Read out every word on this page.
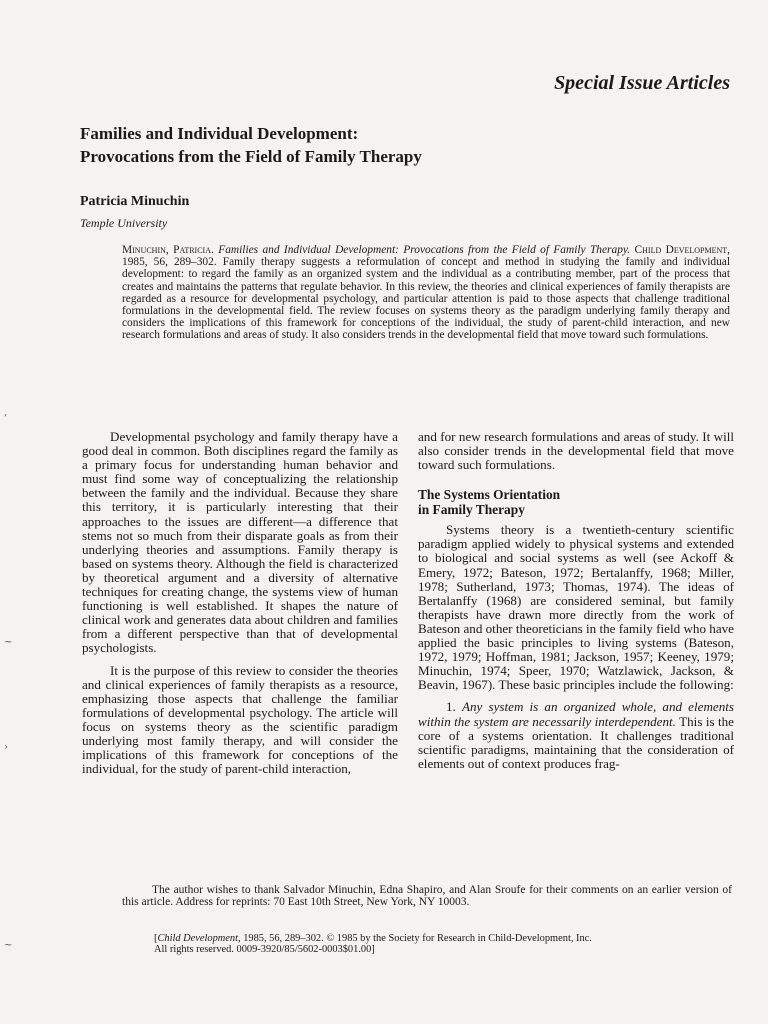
Special Issue Articles
Families and Individual Development:
Provocations from the Field of Family Therapy
Patricia Minuchin
Temple University
Minuchin, Patricia. Families and Individual Development: Provocations from the Field of Family Therapy. Child Development, 1985, 56, 289–302. Family therapy suggests a reformulation of concept and method in studying the family and individual development: to regard the family as an organized system and the individual as a contributing member, part of the process that creates and maintains the patterns that regulate behavior. In this review, the theories and clinical experiences of family therapists are regarded as a resource for developmental psychology, and particular attention is paid to those aspects that challenge traditional formulations in the developmental field. The review focuses on systems theory as the paradigm underlying family therapy and considers the implications of this framework for conceptions of the individual, the study of parent-child interaction, and new research formulations and areas of study. It also considers trends in the developmental field that move toward such formulations.

Developmental psychology and family therapy have a good deal in common. Both disciplines regard the family as a primary focus for understanding human behavior and must find some way of conceptualizing the relationship between the family and the individual. Because they share this territory, it is particularly interesting that their approaches to the issues are different—a difference that stems not so much from their disparate goals as from their underlying theories and assumptions. Family therapy is based on systems theory. Although the field is characterized by theoretical argument and a diversity of alternative techniques for creating change, the systems view of human functioning is well established. It shapes the nature of clinical work and generates data about children and families from a different perspective than that of developmental psychologists.

It is the purpose of this review to consider the theories and clinical experiences of family therapists as a resource, emphasizing those aspects that challenge the familiar formulations of developmental psychology. The article will focus on systems theory as the scientific paradigm underlying most family therapy, and will consider the implications of this framework for conceptions of the individual, for the study of parent-child interaction,

and for new research formulations and areas of study. It will also consider trends in the developmental field that move toward such formulations.

The Systems Orientation
in Family Therapy

Systems theory is a twentieth-century scientific paradigm applied widely to physical systems and extended to biological and social systems as well (see Ackoff & Emery, 1972; Bateson, 1972; Bertalanffy, 1968; Miller, 1978; Sutherland, 1973; Thomas, 1974). The ideas of Bertalanffy (1968) are considered seminal, but family therapists have drawn more directly from the work of Bateson and other theoreticians in the family field who have applied the basic principles to living systems (Bateson, 1972, 1979; Hoffman, 1981; Jackson, 1957; Keeney, 1979; Minuchin, 1974; Speer, 1970; Watzlawick, Jackson, & Beavin, 1967). These basic principles include the following:

1. Any system is an organized whole, and elements within the system are necessarily interdependent. This is the core of a systems orientation. It challenges traditional scientific paradigms, maintaining that the consideration of elements out of context produces frag-

The author wishes to thank Salvador Minuchin, Edna Shapiro, and Alan Sroufe for their comments on an earlier version of this article. Address for reprints: 70 East 10th Street, New York, NY 10003.

[Child Development, 1985, 56, 289–302. © 1985 by the Society for Research in Child-Development, Inc.

All rights reserved. 0009-3920/85/5602-0003$01.00]

‚
~
›
~
